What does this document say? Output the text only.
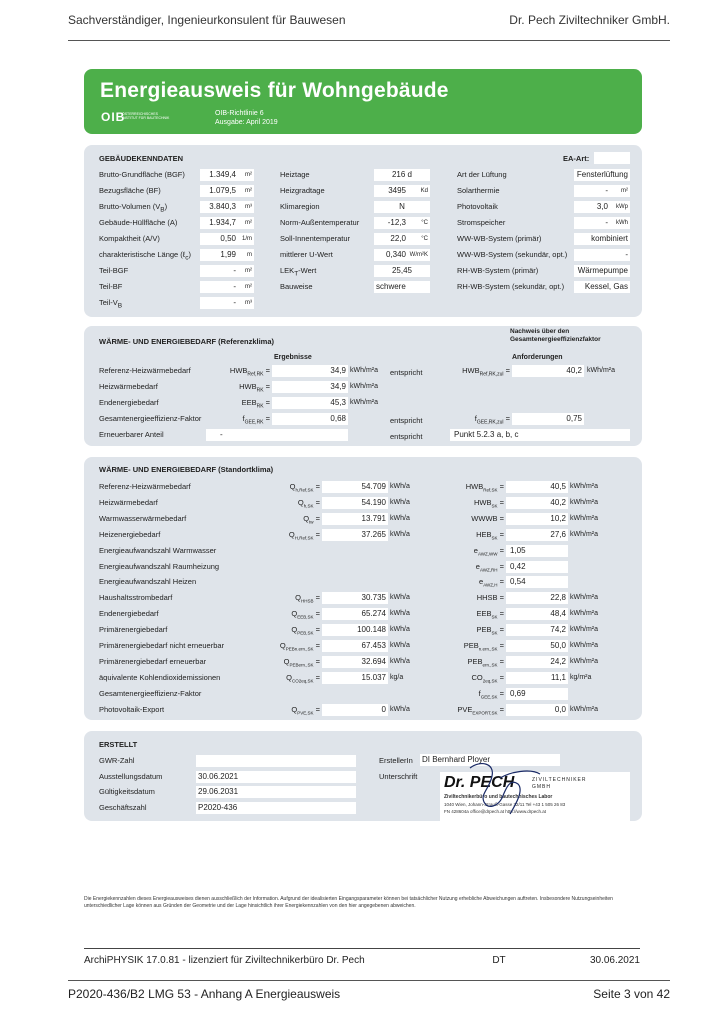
Sachverständiger, Ingenieurkonsulent für Bauwesen	Dr. Pech Ziviltechniker GmbH.
Energieausweis für Wohngebäude
OIB
ÖSTERREICHISCHES INSTITUT FÜR BAUTECHNIK
OIB-Richtlinie 6
Ausgabe: April 2019
GEBÄUDEKENNDATEN	EA-Art:
Brutto-Grundfläche (BGF)	1.349,4 m²
Bezugsfläche (BF)	1.079,5 m²
Brutto-Volumen $(V_B)$	3.840,3 m³
Gebäude-Hüllfläche (A)	1.934,7 m²
Kompaktheit (A/V)	0,50 1/m
charakteristische Länge (ℓ$_c$)	1,99 m
Teil-BGF	- m²
Teil-BF	- m²
Teil-$V_B$	- m³
Heiztage	216 d
Heizgradtage	3495 Kd
Klimaregion	N
Norm-Außentemperatur	-12,3	°C
Soll-Innentemperatur	22,0	°C
mittlerer U-Wert	0,340 W/m²K
$LEK_T$-Wert	25,45
Bauweise	schwere
Art der Lüftung	Fensterlüftung
Solarthermie	- m²
Photovoltaik	3,0 kWp
Stromspeicher	- kWh
WW-WB-System (primär)	kombiniert
WW-WB-System (sekundär, opt.)	-
RH-WB-System (primär)	Wärmepumpe
RH-WB-System (sekundär, opt.)	Kessel, Gas
WÄRME- UND ENERGIEBEDARF (Referenzklima)
Nachweis über den Gesamtenergieeffizienzfaktor
Ergebnisse	Anforderungen
Referenz-Heizwärmebedarf	$HWB_{Ref,RK}$ =	34,9 kWh/m²a entspricht	$HWB_{Ref,RK,zul}$ =	40,2 kWh/m²a
Heizwärmebedarf	$HWB_{RK}$ =	34,9 kWh/m²a
Endenergiebedarf	$EEB_{RK}$ =	45,3 kWh/m²a
Gesamtenergieeffizienz-Faktor	$f_{GEE,RK}$ =	0,68	entspricht	$f_{GEE,RK,zul}$ =	0,75
Erneuerbarer Anteil	-	entspricht	Punkt 5.2.3 a, b, c
WÄRME- UND ENERGIEBEDARF (Standortklima)
Referenz-Heizwärmebedarf	$Q_{h,Ref,SK}$ =	54.709 kWh/a	$HWB_{Ref,SK}$ =	40,5 kWh/m²a
Heizwärmebedarf	$Q_{h,SK}$ =	54.190 kWh/a	$HWB_{SK}$ =	40,2 kWh/m²a
Warmwasserwärmebedarf	$Q_{tw}$ =	13.791 kWh/a	WWWB =	10,2 kWh/m²a
Heizenergiebedarf	$Q_{H,Ref,SK}$ =	37.265 kWh/a	$HEB_{SK}$ =	27,6 kWh/m²a
Energieaufwandszahl Warmwasser	$e_{AWZ,WW} = 1,05$
Energieaufwandszahl Raumheizung	$e_{AWZ,RH} = 0,42$
Energieaufwandszahl Heizen	$e_{AWZ,H} = 0,54$
Haushaltsstrombedarf	$Q_{HHSB}$ =	30.735 kWh/a	HHSB =	22,8 kWh/m²a
Endenergiebedarf	$Q_{EEB,SK}$ =	65.274 kWh/a	$EEB_{SK}$ =	48,4 kWh/m²a
Primärenergiebedarf	$Q_{PEB,SK}$ =	100.148 kWh/a	$PEB_{SK}$ =	74,2 kWh/m²a
Primärenergiebedarf nicht erneuerbar	$Q_{PEBn.ern.,SK}$ =	67.453 kWh/a	$PEB_{n.ern.,SK}$ =	50,0 kWh/m²a
Primärenergiebedarf erneuerbar	$Q_{PEBern.,SK}$ =	32.694 kWh/a	$PEB_{ern.,SK}$ =	24,2 kWh/m²a
äquivalente Kohlendioxidemissionen	$Q_{CO2eq,SK}$ =	15.037 kg/a	$CO_{2eq,SK}$ =	11,1 kg/m²a
Gesamtenergieeffizienz-Faktor	$f_{GEE,SK} = 0,69$
Photovoltaik-Export	$Q_{PVE,SK}$ =	0 kWh/a	$PVE_{EXPORT,SK}$ =	0,0 kWh/m²a
ERSTELLT
ErstellerIn DI Bernhard Ployer
Unterschrift
GWR-Zahl
Ausstellungsdatum	30.06.2021
Gültigkeitsdatum	29.06.2031
Geschäftszahl	P2020-436
Dr. PECH	ZIVILTECHNIKER
GMBH
Ziviltechnikerbüro und bautechnisches Labor
1040 Wien, Johann-Strauß-Gasse 32/11 Tel +43 1 505 26 83
FN 428604a office@drpech.at http://www.drpech.at
Die Energiekennzahlen dieses Energieausweises dienen ausschließlich der Information. Aufgrund der idealisierten Eingangsparameter können bei tatsächlicher Nutzung erhebliche Abweichungen auftreten. Insbesondere Nutzungseinheiten unterschiedlicher Lage können aus Gründen der Geometrie und der Lage hinsichtlich ihrer Energiekennzahlen von den hier angegebenen abweichen.
ArchiPHYSIK 17.0.81 - lizenziert für Ziviltechnikerbüro Dr. Pech	DT	30.06.2021
P2020-436/B2 LMG 53 - Anhang A Energieausweis	Seite 3 von 42
